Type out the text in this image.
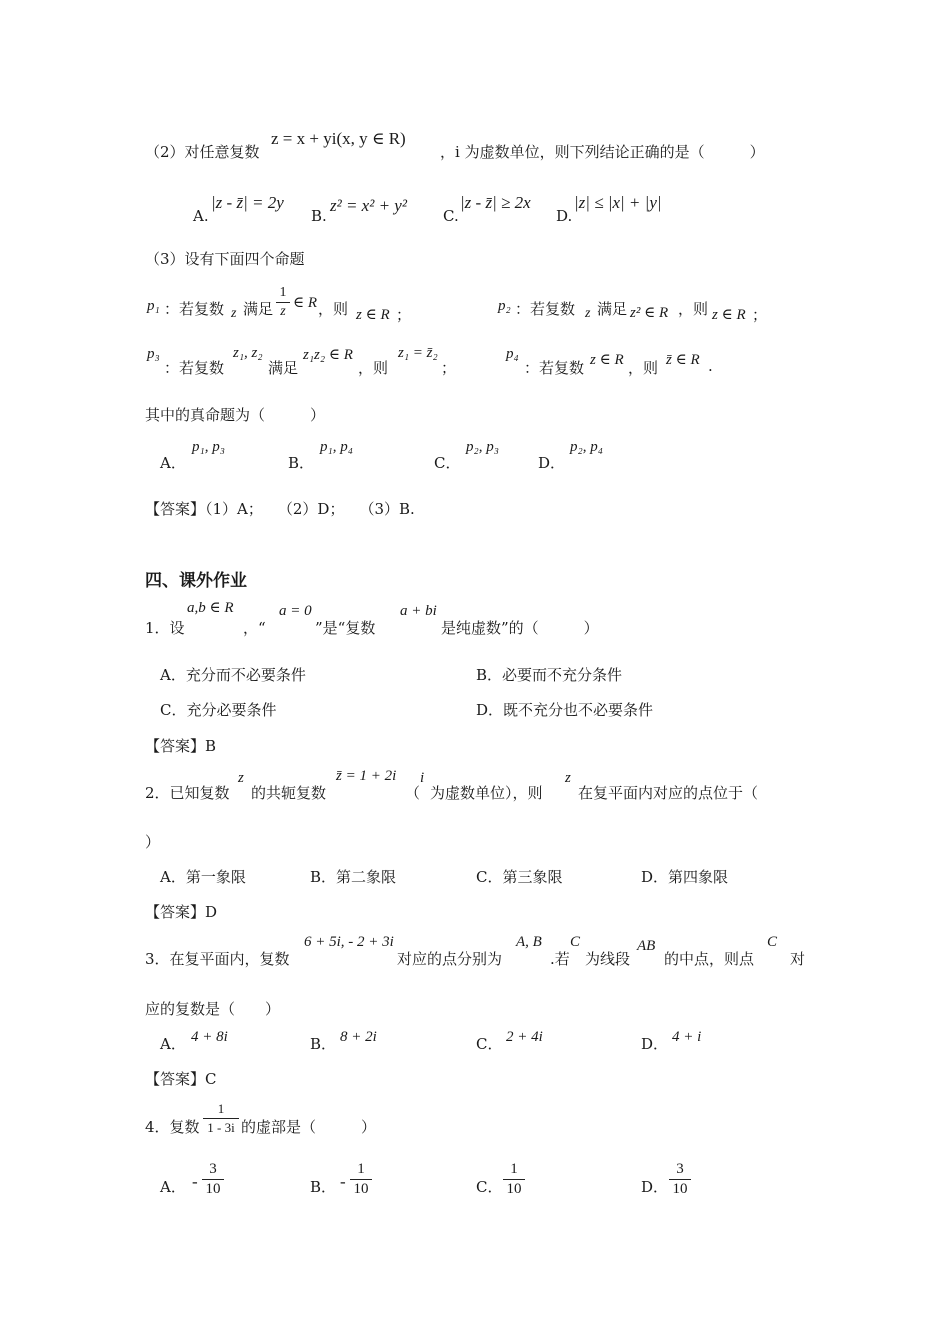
（2）对任意复数
z = x + yi(x, y ∈ R)
，i 为虚数单位，则下列结论正确的是（　　　）
A.
|z - z̄| = 2y
B.
z² = x² + y²
C.
|z - z̄| ≥ 2x
D.
|z| ≤ |x| + |y|
（3）设有下面四个命题
p₁ ：若复数 z 满足
1
z
∈ R ，则 z ∈ R ；	p₂ ：若复数 z 满足 z² ∈ R ，则 z ∈ R ；
p₃
：若复数
z₁, z₂
满足
z₁z₂ ∈ R
，则
z₁ = z̄₂
；
p₄
：若复数 z ∈ R ，则 z̄ ∈ R .
其中的真命题为（　　　）
A．
p₁, p₃
B．
p₁, p₄
C．
p₂, p₃
D．
p₂, p₄
【答案】（1）A；　　（2）D；　　（3）B.
四、课外作业
1．设
a,b ∈ R
，“
a = 0
”是“复数
a + bi
是纯虚数”的（　　　）
A．充分而不必要条件	B．必要而不充分条件
C．充分必要条件	D．既不充分也不必要条件
【答案】B
2．已知复数
z
的共轭复数
z̄ = 1 + 2i
（
i
为虚数单位），则
z
在复平面内对应的点位于（
）
A．第一象限	B．第二象限	C．第三象限	D．第四象限
【答案】D
3．在复平面内，复数
6 + 5i, - 2 + 3i
对应的点分别为
A, B
.若
C
为线段
AB
的中点，则点
C
对
应的复数是（　　）
A． 4 + 8i	B． 8 + 2i	C． 2 + 4i	D． 4 + i
【答案】C
4．复数
1
1 - 3i 的虚部是（　　　）
A． -
3
10	B． -
1
10	C．
1
10	D．
3
10
